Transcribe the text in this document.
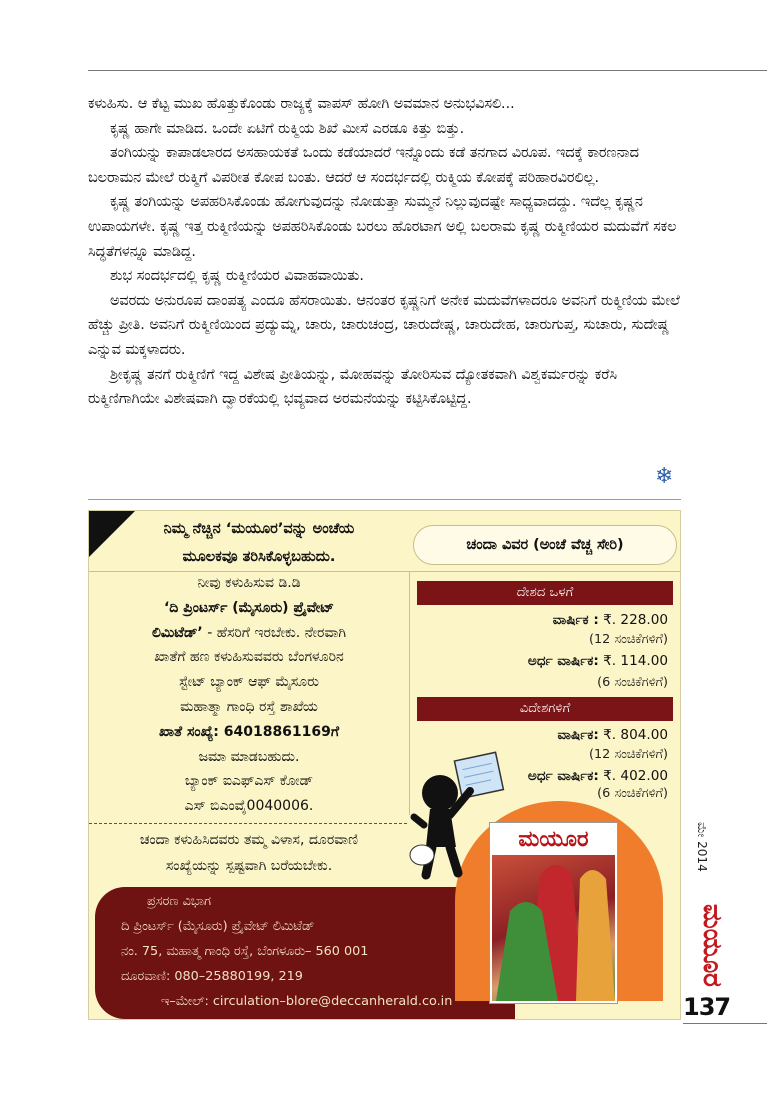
ಕಳುಹಿಸು. ಆ ಕೆಟ್ಟ ಮುಖ ಹೊತ್ತುಕೊಂಡು ರಾಜ್ಯಕ್ಕೆ ವಾಪಸ್ ಹೋಗಿ ಅವಮಾನ ಅನುಭವಿಸಲಿ...

ಕೃಷ್ಣ ಹಾಗೇ ಮಾಡಿದ. ಒಂದೇ ಏಟಿಗೆ ರುಕ್ಮಿಯ ಶಿಖೆ ಮೀಸೆ ಎರಡೂ ಕಿತ್ತು ಬಿತ್ತು.

ತಂಗಿಯನ್ನು ಕಾಪಾಡಲಾರದ ಅಸಹಾಯಕತೆ ಒಂದು ಕಡೆಯಾದರೆ ಇನ್ನೊಂದು ಕಡೆ ತನಗಾದ ವಿರೂಪ. ಇದಕ್ಕೆ ಕಾರಣನಾದ ಬಲರಾಮನ ಮೇಲೆ ರುಕ್ಮಿಗೆ ವಿಪರೀತ ಕೋಪ ಬಂತು. ಆದರೆ ಆ ಸಂದರ್ಭದಲ್ಲಿ ರುಕ್ಮಿಯ ಕೋಪಕ್ಕೆ ಪರಿಹಾರವಿರಲಿಲ್ಲ.

ಕೃಷ್ಣ ತಂಗಿಯನ್ನು ಅಪಹರಿಸಿಕೊಂಡು ಹೋಗುವುದನ್ನು ನೋಡುತ್ತಾ ಸುಮ್ಮನೆ ನಿಲ್ಲುವುದಷ್ಟೇ ಸಾಧ್ಯವಾದದ್ದು. ಇದೆಲ್ಲ ಕೃಷ್ಣನ ಉಪಾಯಗಳೇ. ಕೃಷ್ಣ ಇತ್ತ ರುಕ್ಮಿಣಿಯನ್ನು ಅಪಹರಿಸಿಕೊಂಡು ಬರಲು ಹೊರಟಾಗ ಅಲ್ಲಿ ಬಲರಾಮ ಕೃಷ್ಣ ರುಕ್ಮಿಣಿಯರ ಮದುವೆಗೆ ಸಕಲ ಸಿದ್ಧತೆಗಳನ್ನೂ ಮಾಡಿದ್ದ.

ಶುಭ ಸಂದರ್ಭದಲ್ಲಿ ಕೃಷ್ಣ ರುಕ್ಮಿಣಿಯರ ವಿವಾಹವಾಯಿತು.

ಅವರದು ಅನುರೂಪ ದಾಂಪತ್ಯ ಎಂದೂ ಹೆಸರಾಯಿತು. ಆನಂತರ ಕೃಷ್ಣನಿಗೆ ಅನೇಕ ಮದುವೆಗಳಾದರೂ ಅವನಿಗೆ ರುಕ್ಮಿಣಿಯ ಮೇಲೆ ಹೆಚ್ಚು ಪ್ರೀತಿ. ಅವನಿಗೆ ರುಕ್ಮಿಣಿಯಿಂದ ಪ್ರದ್ಯುಮ್ನ, ಚಾರು, ಚಾರುಚಂದ್ರ, ಚಾರುದೇಷ್ಣ, ಚಾರುದೇಹ, ಚಾರುಗುಪ್ತ, ಸುಚಾರು, ಸುದೇಷ್ಣ ಎನ್ನುವ ಮಕ್ಕಳಾದರು.

ಶ್ರೀಕೃಷ್ಣ ತನಗೆ ರುಕ್ಮಿಣಿಗೆ ಇದ್ದ ವಿಶೇಷ ಪ್ರೀತಿಯನ್ನು, ಮೋಹವನ್ನು ತೋರಿಸುವ ದ್ಯೋತಕವಾಗಿ ವಿಶ್ವಕರ್ಮರನ್ನು ಕರೆಸಿ ರುಕ್ಮಿಣಿಗಾಗಿಯೇ ವಿಶೇಷವಾಗಿ ದ್ವಾರಕೆಯಲ್ಲಿ ಭವ್ಯವಾದ ಅರಮನೆಯನ್ನು ಕಟ್ಟಿಸಿಕೊಟ್ಟಿದ್ದ.

❄
ನಿಮ್ಮ ನೆಚ್ಚಿನ ‘ಮಯೂರ’ವನ್ನು ಅಂಚೆಯ
ಮೂಲಕವೂ ತರಿಸಿಕೊಳ್ಳಬಹುದು.
ಚಂದಾ ವಿವರ (ಅಂಚೆ ವೆಚ್ಚ ಸೇರಿ)
ನೀವು ಕಳುಹಿಸುವ ಡಿ.ಡಿ
‘ದಿ ಪ್ರಿಂಟರ್ಸ್ (ಮೈಸೂರು) ಪ್ರೈವೇಟ್
ಲಿಮಿಟೆಡ್’ - ಹೆಸರಿಗೆ ಇರಬೇಕು. ನೇರವಾಗಿ
ಖಾತೆಗೆ ಹಣ ಕಳುಹಿಸುವವರು ಬೆಂಗಳೂರಿನ
ಸ್ಟೇಟ್ ಬ್ಯಾಂಕ್ ಆಫ್ ಮೈಸೂರು
ಮಹಾತ್ಮಾ ಗಾಂಧಿ ರಸ್ತೆ ಶಾಖೆಯ
ಖಾತೆ ಸಂಖ್ಯೆ: 64018861169ಗೆ
ಜಮಾ ಮಾಡಬಹುದು.
ಬ್ಯಾಂಕ್ ಐಎಫ್‌ಎಸ್ ಕೋಡ್
ಎಸ್ ಬಿಎಂವೈ0040006.
ದೇಶದ ಒಳಗೆ
ವಾರ್ಷಿಕ : ₹. 228.00
(12 ಸಂಚಿಕೆಗಳಿಗೆ)
ಅರ್ಧ ವಾರ್ಷಿಕ: ₹. 114.00
(6 ಸಂಚಿಕೆಗಳಿಗೆ)
ವಿದೇಶಗಳಿಗೆ
ವಾರ್ಷಿಕ: ₹. 804.00
(12 ಸಂಚಿಕೆಗಳಿಗೆ)
ಅರ್ಧ ವಾರ್ಷಿಕ: ₹. 402.00
(6 ಸಂಚಿಕೆಗಳಿಗೆ)
ಚಂದಾ ಕಳುಹಿಸಿದವರು ತಮ್ಮ ವಿಳಾಸ, ದೂರವಾಣಿ
ಸಂಖ್ಯೆಯನ್ನು ಸ್ಪಷ್ಟವಾಗಿ ಬರೆಯಬೇಕು.
ಪ್ರಸರಣ ವಿಭಾಗ
ದಿ ಪ್ರಿಂಟರ್ಸ್ (ಮೈಸೂರು) ಪ್ರೈವೇಟ್ ಲಿಮಿಟೆಡ್
ನಂ. 75, ಮಹಾತ್ಮ ಗಾಂಧಿ ರಸ್ತೆ, ಬೆಂಗಳೂರು– 560 001
ದೂರವಾಣಿ: 080–25880199, 219
ಇ–ಮೇಲ್: circulation–blore@deccanherald.co.in
ಮಯೂರ	ಮೇ 2014
ಮಯೂರ
137
